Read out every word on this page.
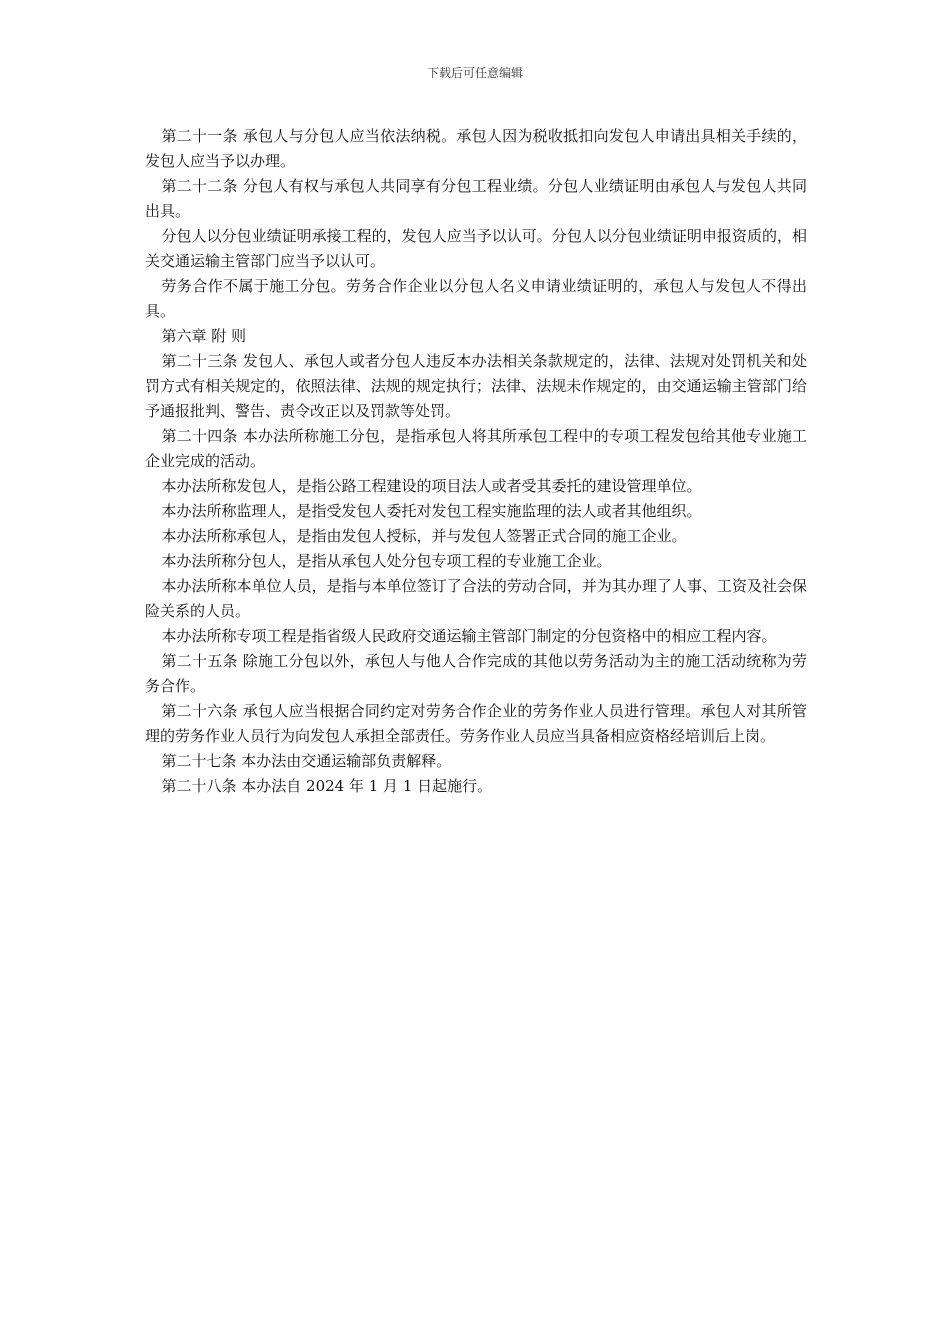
下载后可任意编辑

第二十一条 承包人与分包人应当依法纳税。承包人因为税收抵扣向发包人申请出具相关手续的，发包人应当予以办理。

第二十二条 分包人有权与承包人共同享有分包工程业绩。分包人业绩证明由承包人与发包人共同出具。

分包人以分包业绩证明承接工程的，发包人应当予以认可。分包人以分包业绩证明申报资质的，相关交通运输主管部门应当予以认可。

劳务合作不属于施工分包。劳务合作企业以分包人名义申请业绩证明的，承包人与发包人不得出具。

第六章 附 则

第二十三条 发包人、承包人或者分包人违反本办法相关条款规定的，法律、法规对处罚机关和处罚方式有相关规定的，依照法律、法规的规定执行；法律、法规未作规定的，由交通运输主管部门给予通报批判、警告、责令改正以及罚款等处罚。

第二十四条 本办法所称施工分包，是指承包人将其所承包工程中的专项工程发包给其他专业施工企业完成的活动。

本办法所称发包人，是指公路工程建设的项目法人或者受其委托的建设管理单位。

本办法所称监理人，是指受发包人委托对发包工程实施监理的法人或者其他组织。

本办法所称承包人，是指由发包人授标，并与发包人签署正式合同的施工企业。

本办法所称分包人，是指从承包人处分包专项工程的专业施工企业。

本办法所称本单位人员，是指与本单位签订了合法的劳动合同，并为其办理了人事、工资及社会保险关系的人员。

本办法所称专项工程是指省级人民政府交通运输主管部门制定的分包资格中的相应工程内容。

第二十五条 除施工分包以外，承包人与他人合作完成的其他以劳务活动为主的施工活动统称为劳务合作。

第二十六条 承包人应当根据合同约定对劳务合作企业的劳务作业人员进行管理。承包人对其所管理的劳务作业人员行为向发包人承担全部责任。劳务作业人员应当具备相应资格经培训后上岗。

第二十七条 本办法由交通运输部负责解释。

第二十八条 本办法自 2024 年 1 月 1 日起施行。
